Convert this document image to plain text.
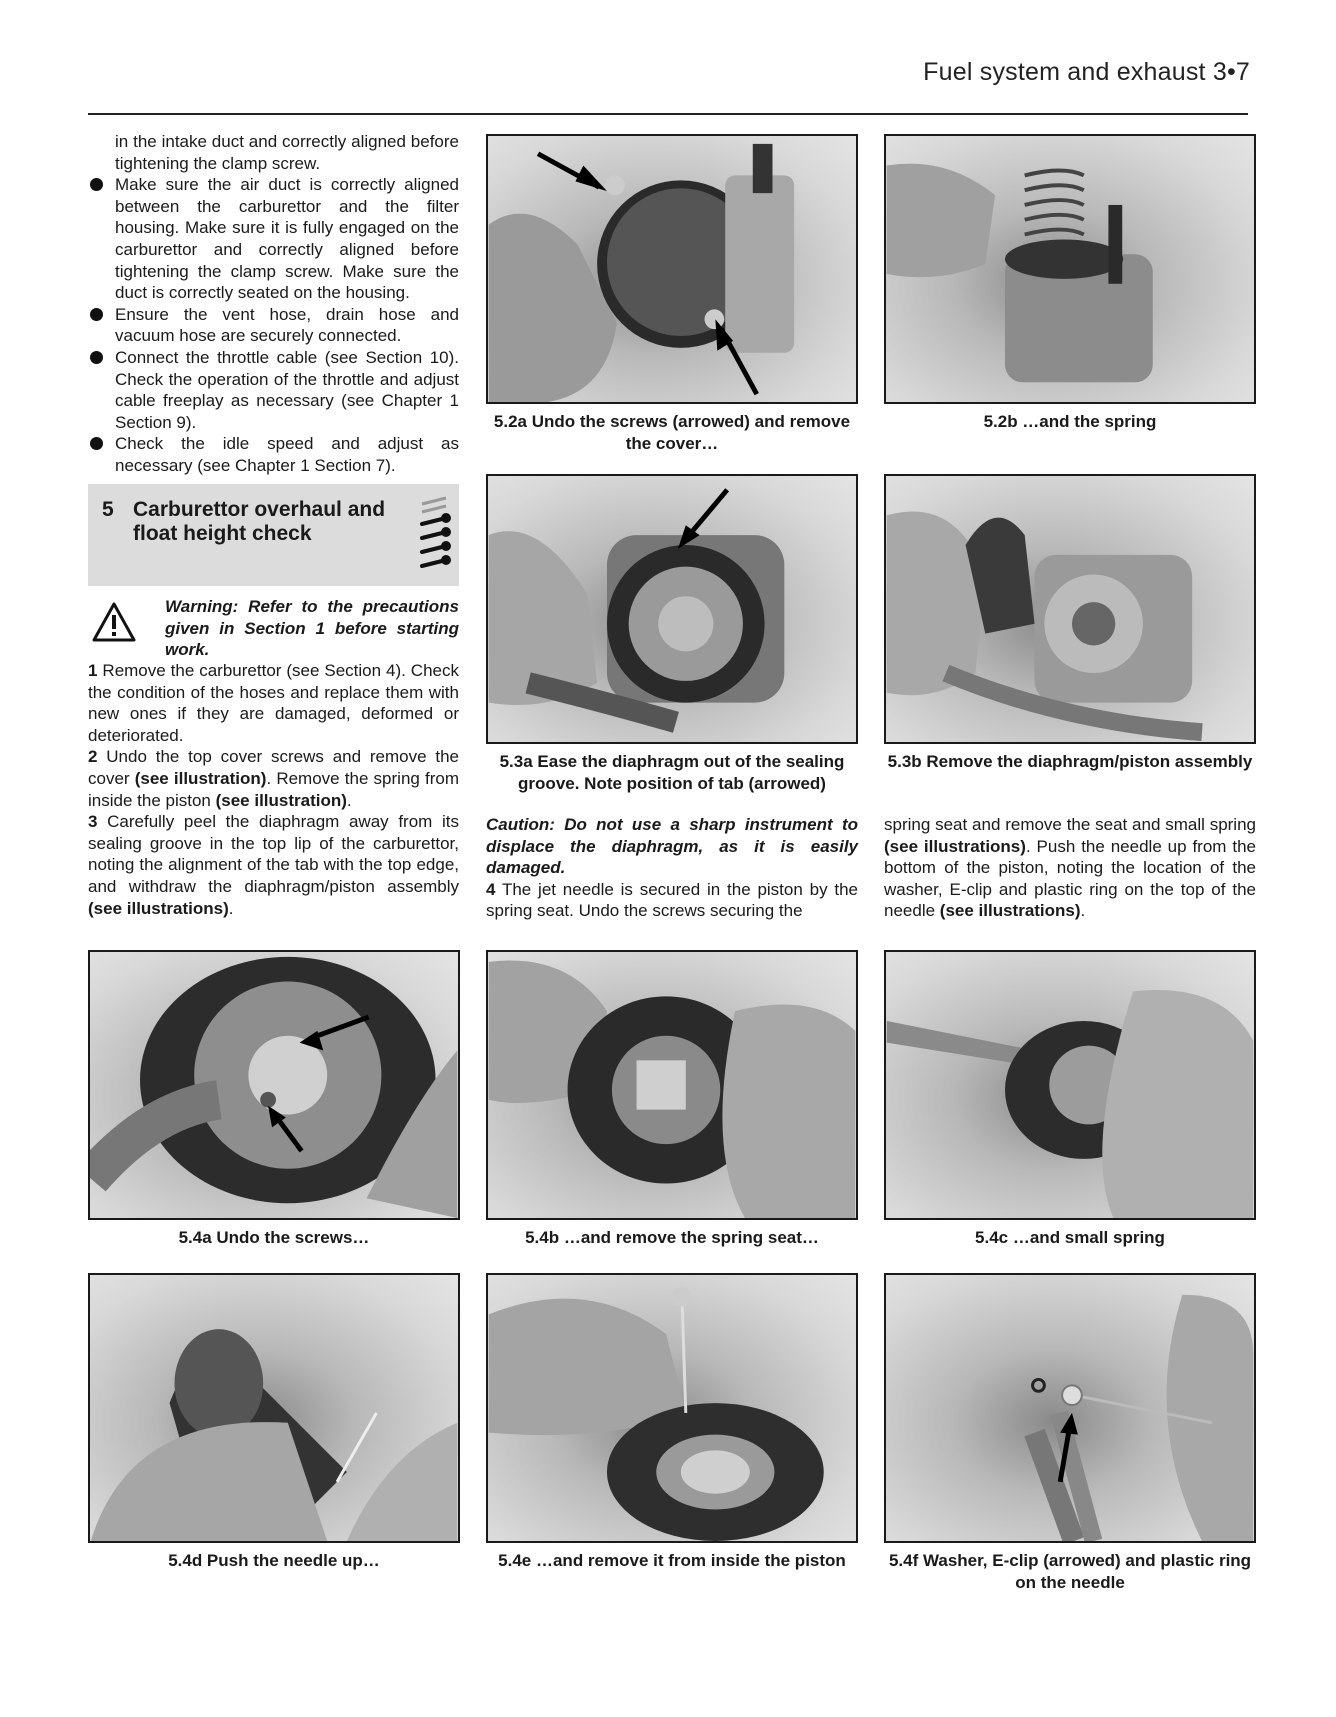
Fuel system and exhaust 3•7

in the intake duct and correctly aligned before tightening the clamp screw.

Make sure the air duct is correctly aligned between the carburettor and the filter housing. Make sure it is fully engaged on the carburettor and correctly aligned before tightening the clamp screw. Make sure the duct is correctly seated on the housing.
Ensure the vent hose, drain hose and vacuum hose are securely connected.
Connect the throttle cable (see Section 10). Check the operation of the throttle and adjust cable freeplay as necessary (see Chapter 1 Section 9).
Check the idle speed and adjust as necessary (see Chapter 1 Section 7).
5 Carburettor overhaul and float height check

Warning: Refer to the precautions given in Section 1 before starting work.

1 Remove the carburettor (see Section 4). Check the condition of the hoses and replace them with new ones if they are damaged, deformed or deteriorated.

2 Undo the top cover screws and remove the cover (see illustration). Remove the spring from inside the piston (see illustration).

3 Carefully peel the diaphragm away from its sealing groove in the top lip of the carburettor, noting the alignment of the tab with the top edge, and withdraw the diaphragm/piston assembly (see illustrations).

5.2a Undo the screws (arrowed) and remove the cover…
5.2b …and the spring
5.3a Ease the diaphragm out of the sealing groove. Note position of tab (arrowed)
5.3b Remove the diaphragm/piston assembly

Caution: Do not use a sharp instrument to displace the diaphragm, as it is easily damaged.

4 The jet needle is secured in the piston by the spring seat. Undo the screws securing the

spring seat and remove the seat and small spring (see illustrations). Push the needle up from the bottom of the piston, noting the location of the washer, E-clip and plastic ring on the top of the needle (see illustrations).

5.4a Undo the screws…	5.4b …and remove the spring seat…	5.4c …and small spring
5.4d Push the needle up…	5.4e …and remove it from inside the piston	5.4f Washer, E-clip (arrowed) and plastic ring on the needle
